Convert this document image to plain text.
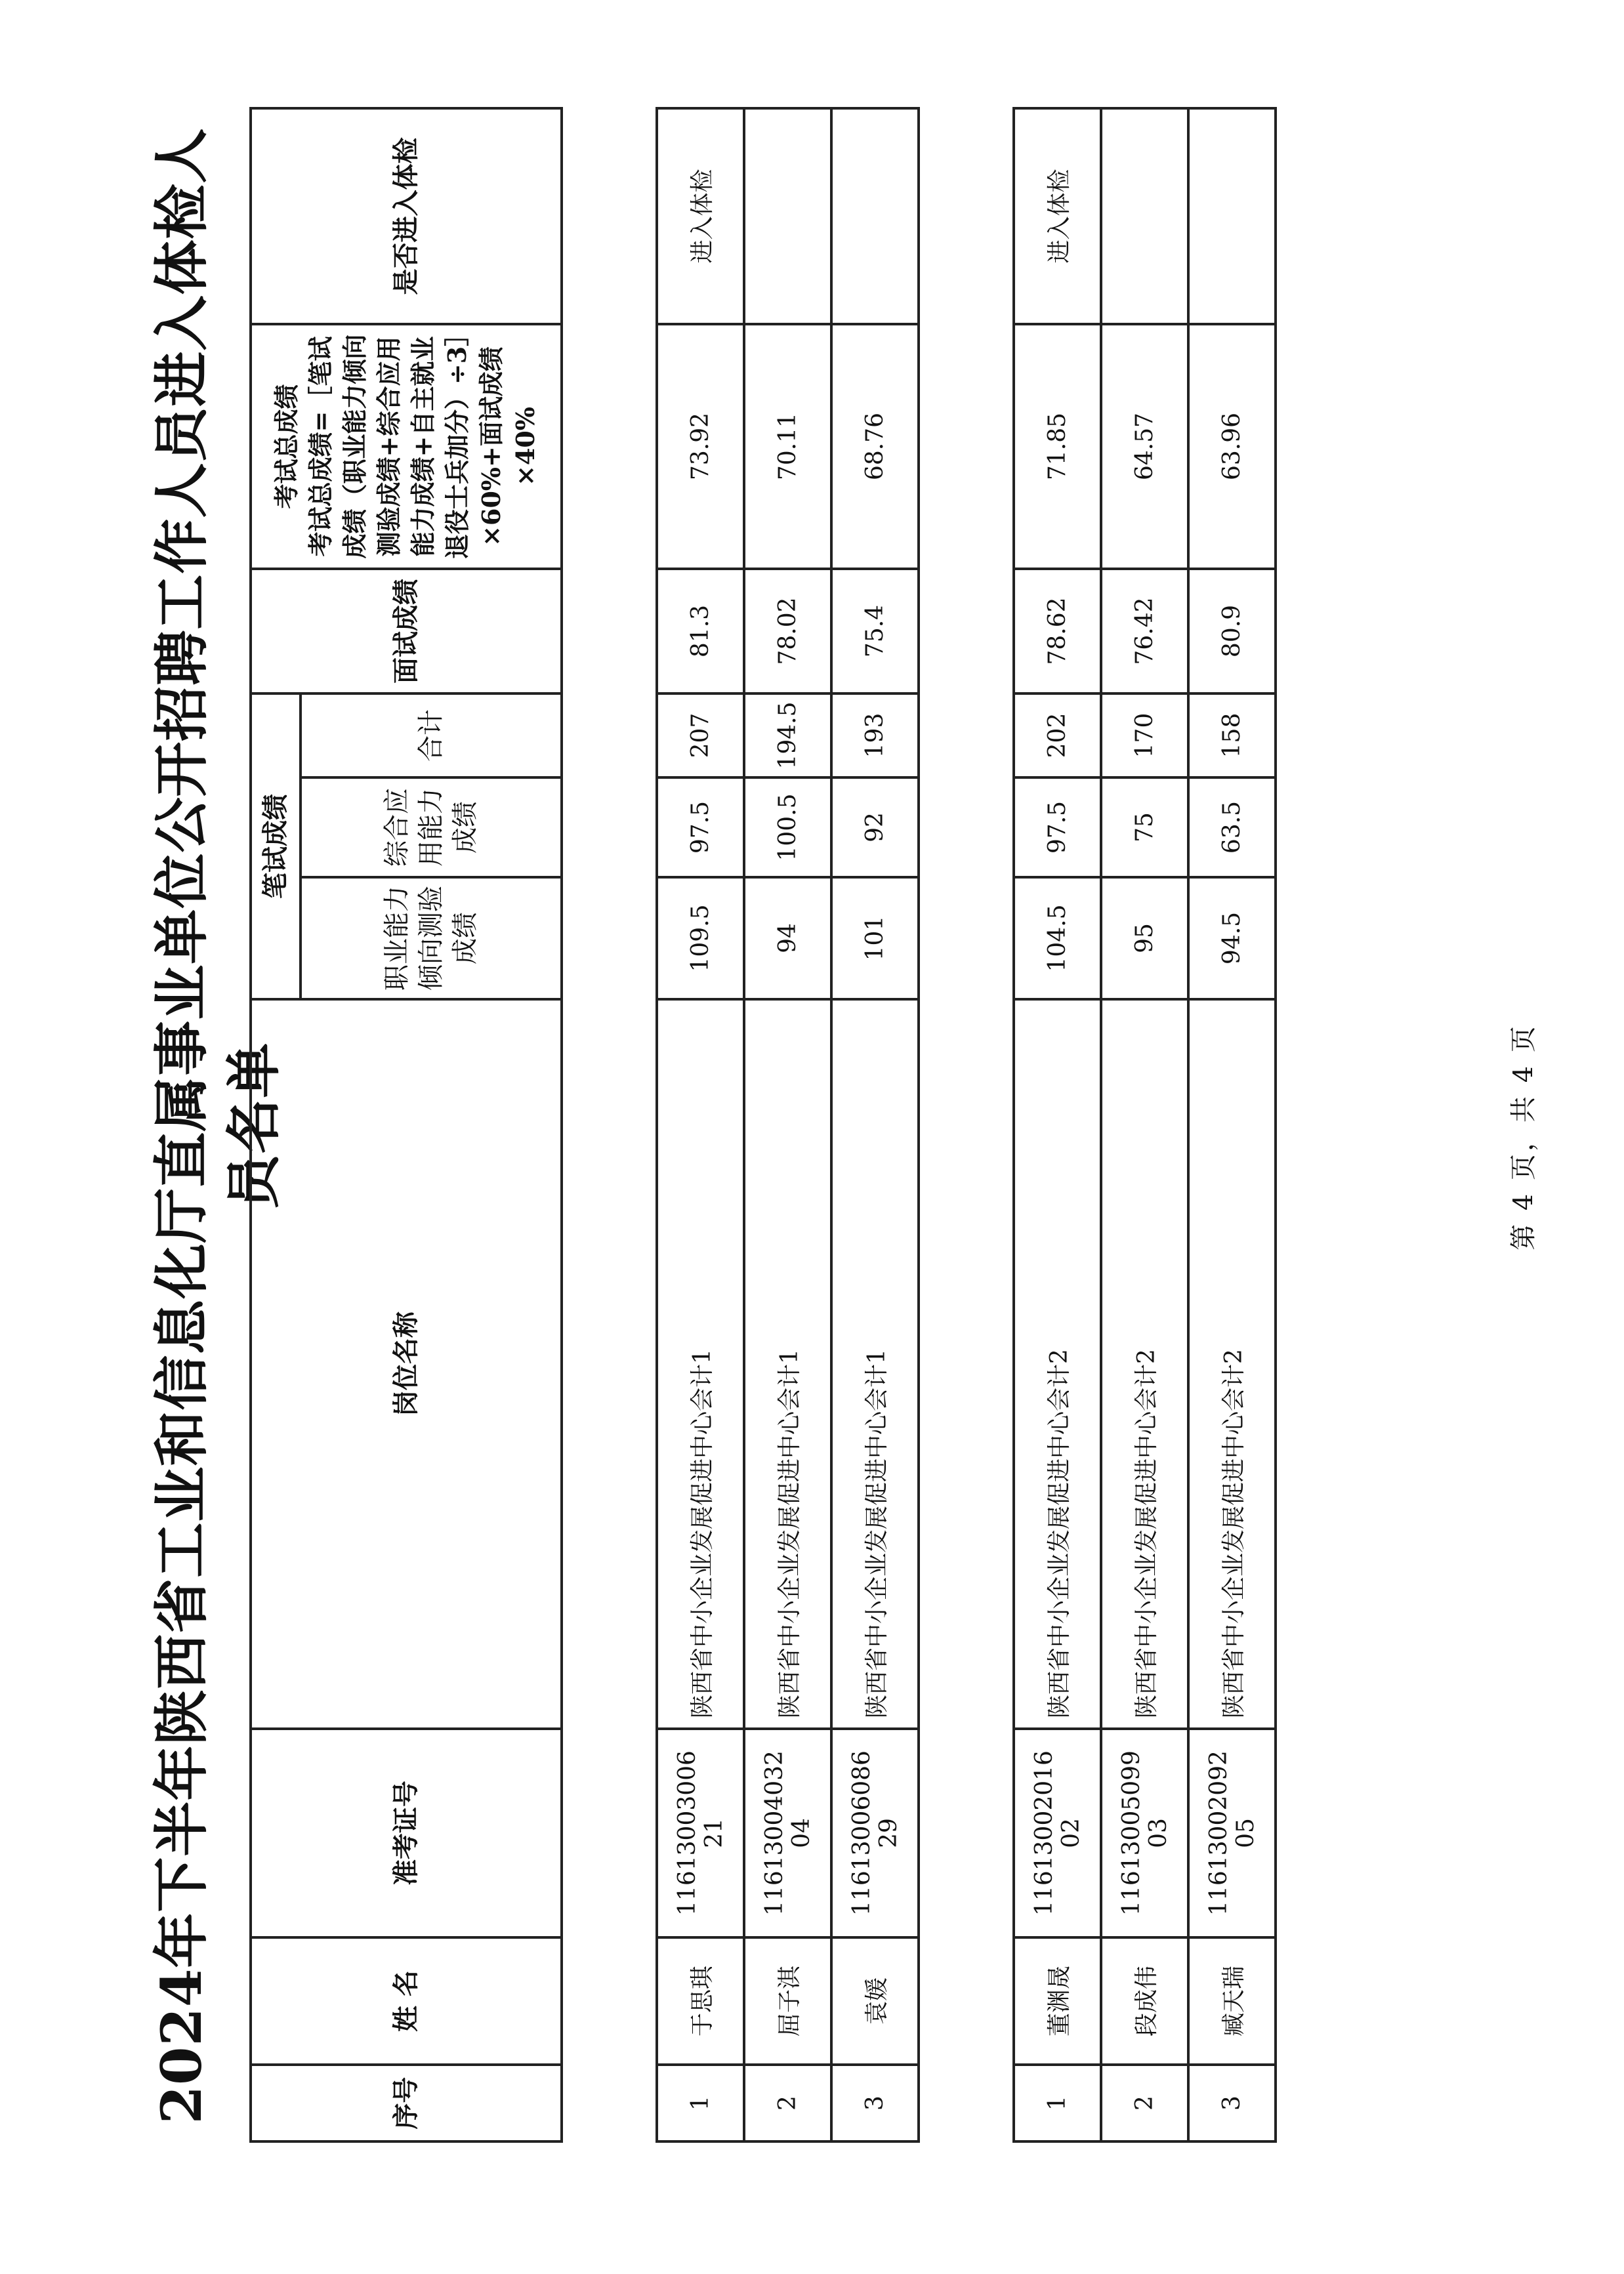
2024年下半年陕西省工业和信息化厅直属事业单位公开招聘工作人员进入体检人员名单
序号	姓 名	准考证号	岗位名称	笔试成绩			面试成绩	考试总成绩 考试总成绩=［笔试成绩（职业能力倾向测验成绩+综合应用能力成绩+自主就业退役士兵加分）÷3］×60%+面试成绩×40%	是否进入体检
				职业能力倾向测验成绩	综合应用能力成绩	合计			
1	于思琪	11613003006 21	陕西省中小企业发展促进中心会计1	109.5	97.5	207	81.3	73.92	进入体检
2	屈子淇	11613004032 04	陕西省中小企业发展促进中心会计1	94	100.5	194.5	78.02	70.11	
3	袁媛	11613006086 29	陕西省中小企业发展促进中心会计1	101	92	193	75.4	68.76	
1	董渊晟	11613002016 02	陕西省中小企业发展促进中心会计2	104.5	97.5	202	78.62	71.85	进入体检
2	段成伟	11613005099 03	陕西省中小企业发展促进中心会计2	95	75	170	76.42	64.57	
3	臧天瑞	11613002092 05	陕西省中小企业发展促进中心会计2	94.5	63.5	158	80.9	63.96	
第 4 页，共 4 页
